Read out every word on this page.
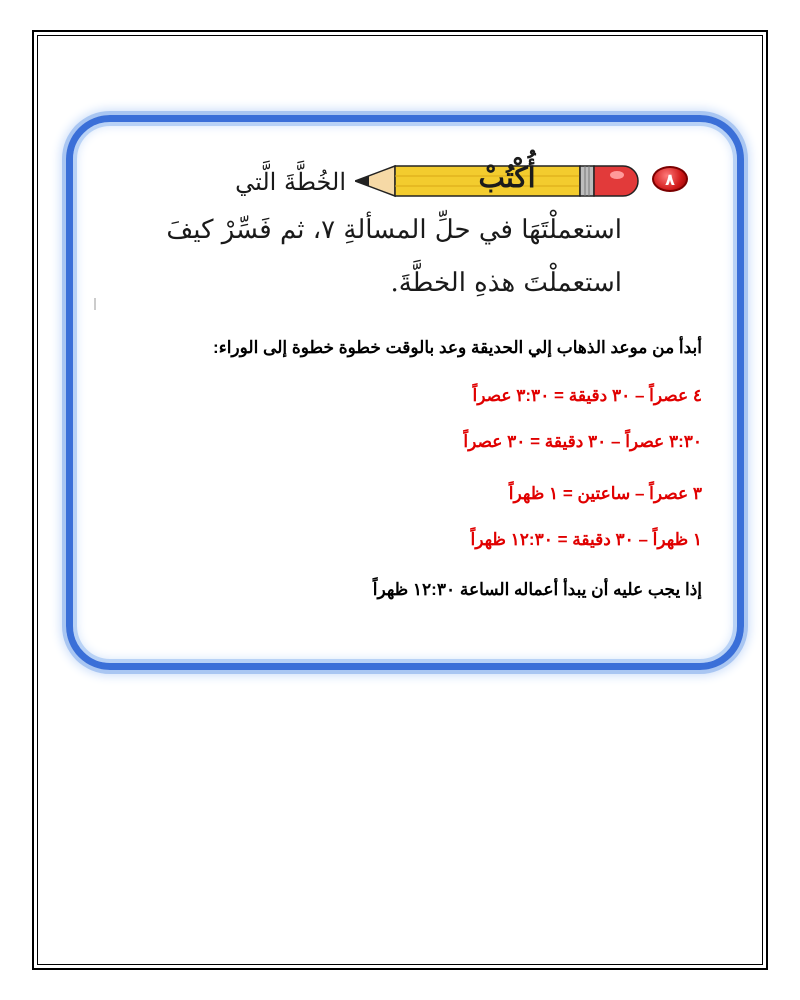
٨
أُكْتُبْ
الخُطَّةَ الَّتي
استعملْتَهَا في حلِّ المسألةِ ٧، ثم فَسِّرْ كيفَ
استعملْتَ هذهِ الخطَّةَ.
أبدأ من موعد الذهاب إلي الحديقة وعد بالوقت خطوة خطوة إلى الوراء:
٤ عصراً – ٣٠ دقيقة = ٣:٣٠ عصراً
٣:٣٠ عصراً – ٣٠ دقيقة = ٣٠ عصراً
٣ عصراً – ساعتين = ١ ظهراً
١ ظهراً – ٣٠ دقيقة = ١٢:٣٠ ظهراً
إذا يجب عليه أن يبدأ أعماله الساعة ١٢:٣٠ ظهراً
